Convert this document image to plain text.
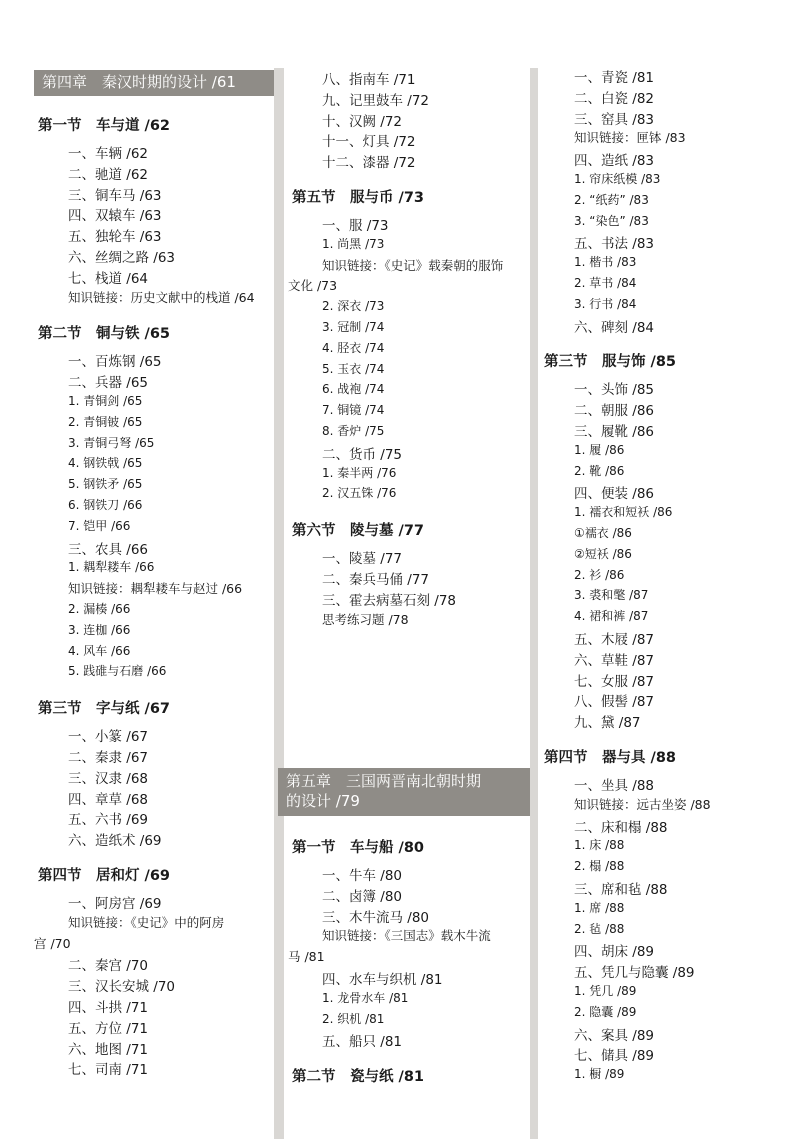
第四章　秦汉时期的设计 /61
第五章　三国两晋南北朝时期
的设计 /79
第一节　车与道 /62
一、车辆 /62
二、驰道 /62
三、铜车马 /63
四、双辕车 /63
五、独轮车 /63
六、丝绸之路 /63
七、栈道 /64
知识链接：历史文献中的栈道 /64
第二节　铜与铁 /65
一、百炼钢 /65
二、兵器 /65
1. 青铜剑 /65
2. 青铜铍 /65
3. 青铜弓弩 /65
4. 钢铁戟 /65
5. 钢铁矛 /65
6. 钢铁刀 /66
7. 铠甲 /66
三、农具 /66
1. 耦犁耧车 /66
知识链接：耦犁耧车与赵过 /66
2. 漏楱 /66
3. 连枷 /66
4. 风车 /66
5. 践碓与石磨 /66
第三节　字与纸 /67
一、小篆 /67
二、秦隶 /67
三、汉隶 /68
四、章草 /68
五、六书 /69
六、造纸术 /69
第四节　居和灯 /69
一、阿房宫 /69
知识链接：《史记》中的阿房
宫 /70
二、秦宫 /70
三、汉长安城 /70
四、斗拱 /71
五、方位 /71
六、地图 /71
七、司南 /71
八、指南车 /71
九、记里鼓车 /72
十、汉阙 /72
十一、灯具 /72
十二、漆器 /72
第五节　服与币 /73
一、服 /73
1. 尚黑 /73
知识链接：《史记》载秦朝的服饰
文化 /73
2. 深衣 /73
3. 冠制 /74
4. 胫衣 /74
5. 玉衣 /74
6. 战袍 /74
7. 铜镜 /74
8. 香炉 /75
二、货币 /75
1. 秦半两 /76
2. 汉五铢 /76
第六节　陵与墓 /77
一、陵墓 /77
二、秦兵马俑 /77
三、霍去病墓石刻 /78
思考练习题 /78
第一节　车与船 /80
一、牛车 /80
二、卤簿 /80
三、木牛流马 /80
知识链接：《三国志》载木牛流
马 /81
四、水车与织机 /81
1. 龙骨水车 /81
2. 织机 /81
五、船只 /81
第二节　瓷与纸 /81
一、青瓷 /81
二、白瓷 /82
三、窑具 /83
知识链接：匣钵 /83
四、造纸 /83
1. 帘床纸模 /83
2. “纸药” /83
3. “染色” /83
五、书法 /83
1. 楷书 /83
2. 草书 /84
3. 行书 /84
六、碑刻 /84
第三节　服与饰 /85
一、头饰 /85
二、朝服 /86
三、履靴 /86
1. 履 /86
2. 靴 /86
四、便装 /86
1. 襦衣和短袄 /86
①襦衣 /86
②短袄 /86
2. 衫 /86
3. 裘和氅 /87
4. 裙和裤 /87
五、木屐 /87
六、草鞋 /87
七、女服 /87
八、假髻 /87
九、黛 /87
第四节　器与具 /88
一、坐具 /88
知识链接：远古坐姿 /88
二、床和榻 /88
1. 床 /88
2. 榻 /88
三、席和毡 /88
1. 席 /88
2. 毡 /88
四、胡床 /89
五、凭几与隐囊 /89
1. 凭几 /89
2. 隐囊 /89
六、案具 /89
七、储具 /89
1. 橱 /89
